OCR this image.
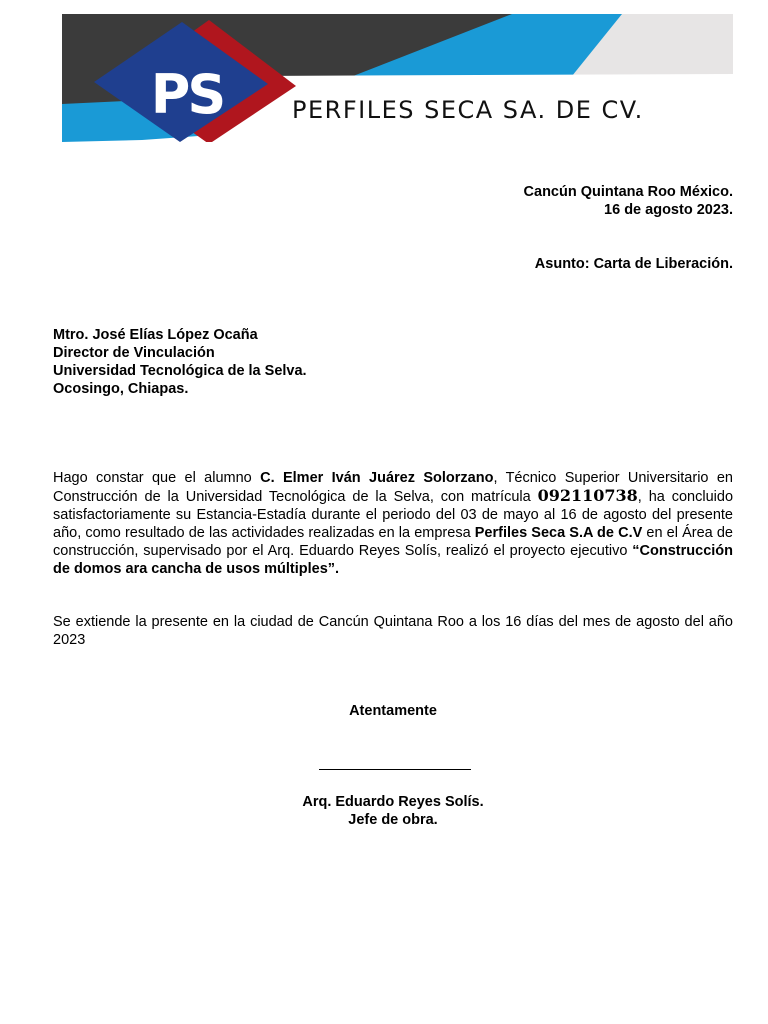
PS	PERFILES SECA SA. DE CV.
Cancún Quintana Roo México.
16 de agosto 2023.
Asunto: Carta de Liberación.
Mtro. José Elías López Ocaña
Director de Vinculación
Universidad Tecnológica de la Selva.
Ocosingo, Chiapas.
Hago constar que el alumno C. Elmer Iván Juárez Solorzano, Técnico Superior Universitario en Construcción de la Universidad Tecnológica de la Selva, con matrícula 092110738, ha concluido satisfactoriamente su Estancia-Estadía durante el periodo del 03 de mayo al 16 de agosto del presente año, como resultado de las actividades realizadas en la empresa Perfiles Seca S.A de C.V en el Área de construcción, supervisado por el Arq. Eduardo Reyes Solís, realizó el proyecto ejecutivo “Construcción de domos ara cancha de usos múltiples”.
Se extiende la presente en la ciudad de Cancún Quintana Roo a los 16 días del mes de agosto del año 2023
Atentamente
Arq. Eduardo Reyes Solís.
Jefe de obra.
